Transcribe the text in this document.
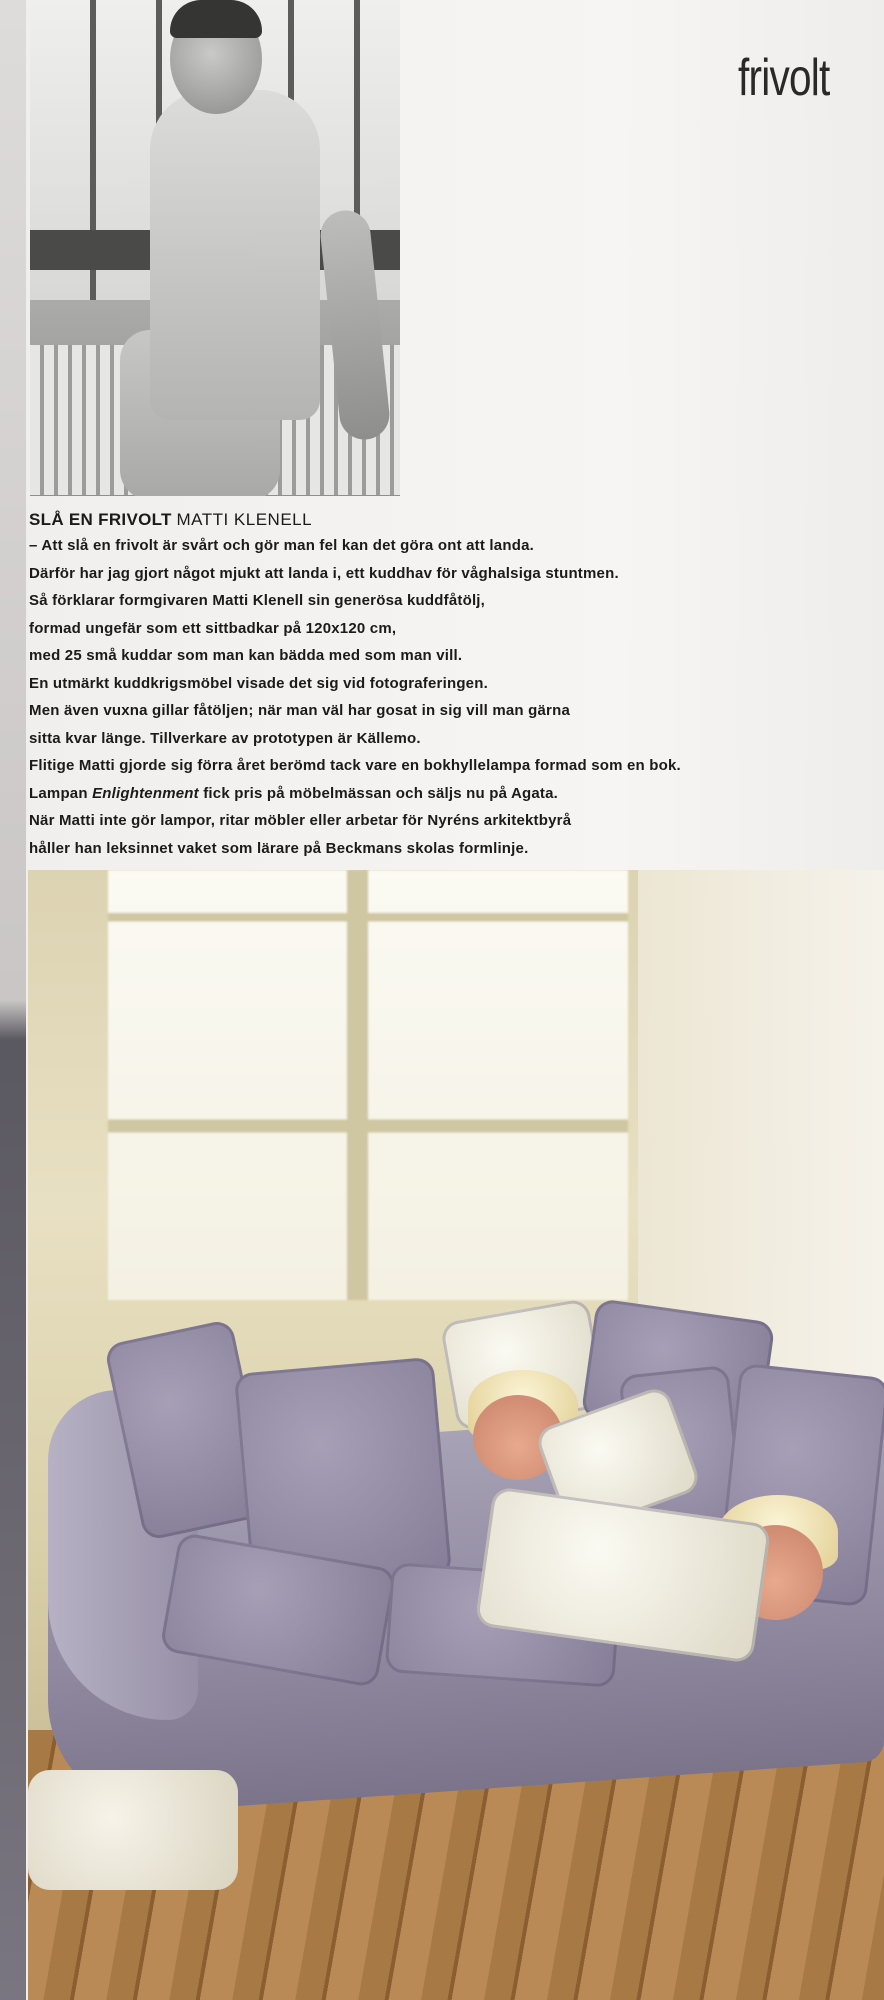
frivolt
SLÅ EN FRIVOLT MATTI KLENELL

– Att slå en frivolt är svårt och gör man fel kan det göra ont att landa.

Därför har jag gjort något mjukt att landa i, ett kuddhav för våghalsiga stuntmen.

Så förklarar formgivaren Matti Klenell sin generösa kuddfåtölj,

formad ungefär som ett sittbadkar på 120x120 cm,

med 25 små kuddar som man kan bädda med som man vill.

En utmärkt kuddkrigsmöbel visade det sig vid fotograferingen.

Men även vuxna gillar fåtöljen; när man väl har gosat in sig vill man gärna

sitta kvar länge. Tillverkare av prototypen är Källemo.

Flitige Matti gjorde sig förra året berömd tack vare en bokhyllelampa formad som en bok.

Lampan Enlightenment fick pris på möbelmässan och säljs nu på Agata.

När Matti inte gör lampor, ritar möbler eller arbetar för Nyréns arkitektbyrå

håller han leksinnet vaket som lärare på Beckmans skolas formlinje.
